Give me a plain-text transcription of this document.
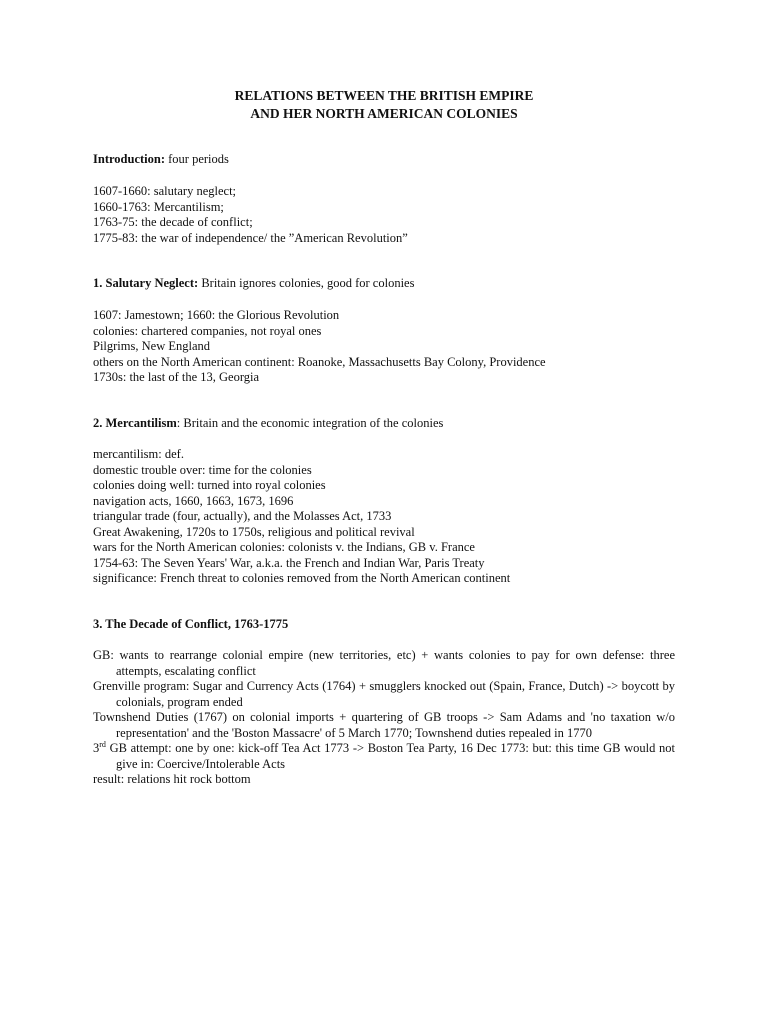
RELATIONS BETWEEN THE BRITISH EMPIRE
AND HER NORTH AMERICAN COLONIES
Introduction: four periods
1607-1660: salutary neglect;
1660-1763: Mercantilism;
1763-75: the decade of conflict;
1775-83: the war of independence/ the ”American Revolution”
1. Salutary Neglect: Britain ignores colonies, good for colonies
1607: Jamestown; 1660: the Glorious Revolution
colonies: chartered companies, not royal ones
Pilgrims, New England
others on the North American continent: Roanoke, Massachusetts Bay Colony, Providence
1730s: the last of the 13, Georgia
2. Mercantilism: Britain and the economic integration of the colonies
mercantilism: def.
domestic trouble over: time for the colonies
colonies doing well: turned into royal colonies
navigation acts, 1660, 1663, 1673, 1696
triangular trade (four, actually), and the Molasses Act, 1733
Great Awakening, 1720s to 1750s, religious and political revival
wars for the North American colonies: colonists v. the Indians, GB v. France
1754-63: The Seven Years' War, a.k.a. the French and Indian War, Paris Treaty
significance: French threat to colonies removed from the North American continent
3. The Decade of Conflict, 1763-1775
GB: wants to rearrange colonial empire (new territories, etc) + wants colonies to pay for own defense: three attempts, escalating conflict
Grenville program: Sugar and Currency Acts (1764) + smugglers knocked out (Spain, France, Dutch) -> boycott by colonials, program ended
Townshend Duties (1767) on colonial imports + quartering of GB troops -> Sam Adams and 'no taxation w/o representation' and the 'Boston Massacre' of 5 March 1770; Townshend duties repealed in 1770
3rd GB attempt: one by one: kick-off Tea Act 1773 -> Boston Tea Party, 16 Dec 1773: but: this time GB would not give in: Coercive/Intolerable Acts
result: relations hit rock bottom
